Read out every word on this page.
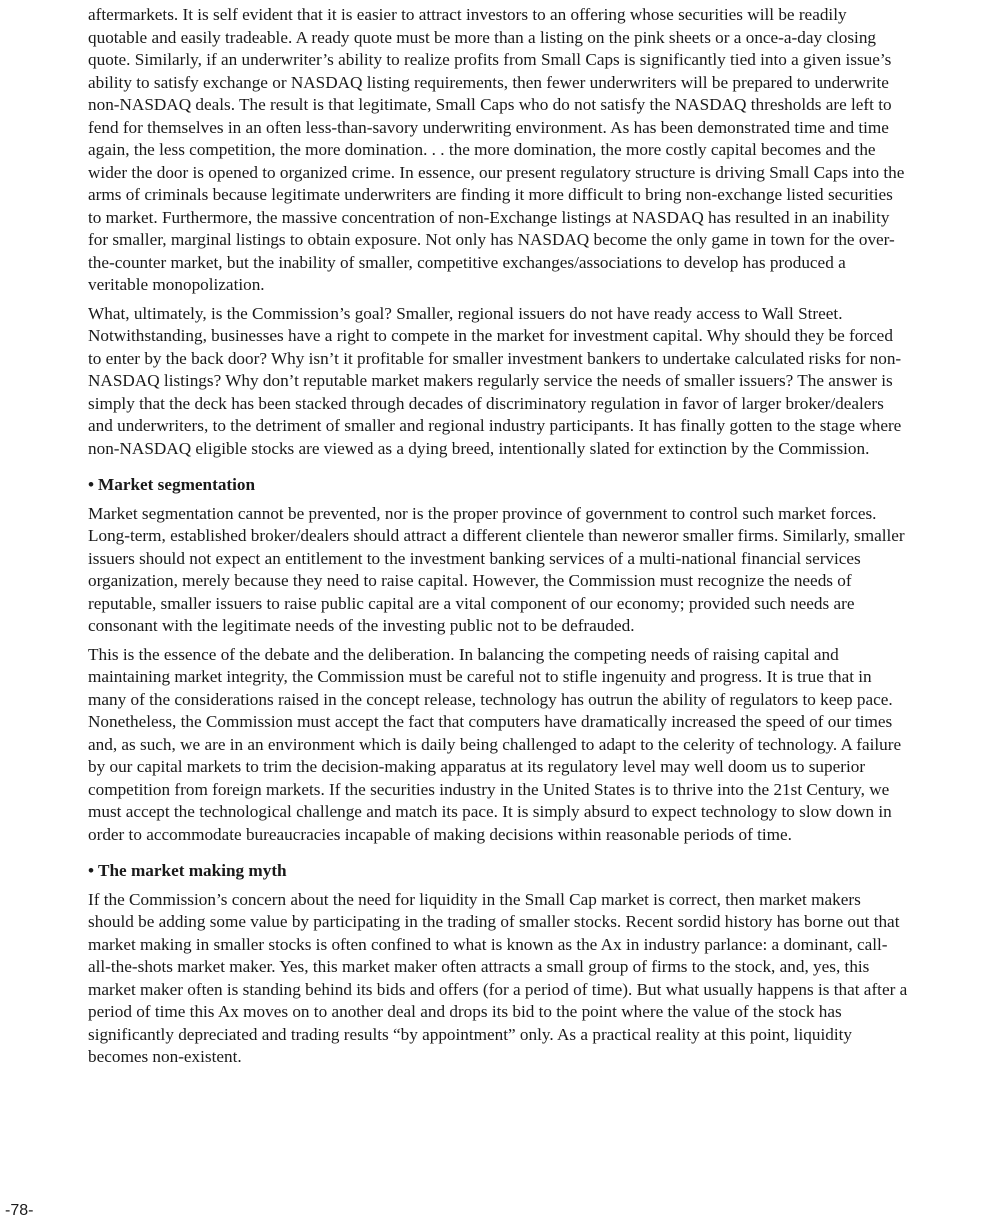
aftermarkets. It is self evident that it is easier to attract investors to an offering whose securities will be readily quotable and easily tradeable. A ready quote must be more than a listing on the pink sheets or a once-a-day closing quote. Similarly, if an underwriter’s ability to realize profits from Small Caps is significantly tied into a given issue’s ability to satisfy exchange or NASDAQ listing requirements, then fewer underwriters will be prepared to underwrite non-NASDAQ deals. The result is that legitimate, Small Caps who do not satisfy the NASDAQ thresholds are left to fend for themselves in an often less-than-savory underwriting environment. As has been demonstrated time and time again, the less competition, the more domination. . . the more domination, the more costly capital becomes and the wider the door is opened to organized crime. In essence, our present regulatory structure is driving Small Caps into the arms of criminals because legitimate underwriters are finding it more difficult to bring non-exchange listed securities to market. Furthermore, the massive concentration of non-Exchange listings at NASDAQ has resulted in an inability for smaller, marginal listings to obtain exposure. Not only has NASDAQ become the only game in town for the over-the-counter market, but the inability of smaller, competitive exchanges/associations to develop has produced a veritable monopolization.

What, ultimately, is the Commission’s goal? Smaller, regional issuers do not have ready access to Wall Street. Notwithstanding, businesses have a right to compete in the market for investment capital. Why should they be forced to enter by the back door? Why isn’t it profitable for smaller investment bankers to undertake calculated risks for non-NASDAQ listings? Why don’t reputable market makers regularly service the needs of smaller issuers? The answer is simply that the deck has been stacked through decades of discriminatory regulation in favor of larger broker/dealers and underwriters, to the detriment of smaller and regional industry participants. It has finally gotten to the stage where non-NASDAQ eligible stocks are viewed as a dying breed, intentionally slated for extinction by the Commission.

• Market segmentation

Market segmentation cannot be prevented, nor is the proper province of government to control such market forces. Long-term, established broker/dealers should attract a different clientele than neweror smaller firms. Similarly, smaller issuers should not expect an entitlement to the investment banking services of a multi-national financial services organization, merely because they need to raise capital. However, the Commission must recognize the needs of reputable, smaller issuers to raise public capital are a vital component of our economy; provided such needs are consonant with the legitimate needs of the investing public not to be defrauded.

This is the essence of the debate and the deliberation. In balancing the competing needs of raising capital and maintaining market integrity, the Commission must be careful not to stifle ingenuity and progress. It is true that in many of the considerations raised in the concept release, technology has outrun the ability of regulators to keep pace. Nonetheless, the Commission must accept the fact that computers have dramatically increased the speed of our times and, as such, we are in an environment which is daily being challenged to adapt to the celerity of technology. A failure by our capital markets to trim the decision-making apparatus at its regulatory level may well doom us to superior competition from foreign markets. If the securities industry in the United States is to thrive into the 21st Century, we must accept the technological challenge and match its pace. It is simply absurd to expect technology to slow down in order to accommodate bureaucracies incapable of making decisions within reasonable periods of time.

• The market making myth

If the Commission’s concern about the need for liquidity in the Small Cap market is correct, then market makers should be adding some value by participating in the trading of smaller stocks. Recent sordid history has borne out that market making in smaller stocks is often confined to what is known as the Ax in industry parlance: a dominant, call-all-the-shots market maker. Yes, this market maker often attracts a small group of firms to the stock, and, yes, this market maker often is standing behind its bids and offers (for a period of time). But what usually happens is that after a period of time this Ax moves on to another deal and drops its bid to the point where the value of the stock has significantly depreciated and trading results “by appointment” only. As a practical reality at this point, liquidity becomes non-existent.

-78-
